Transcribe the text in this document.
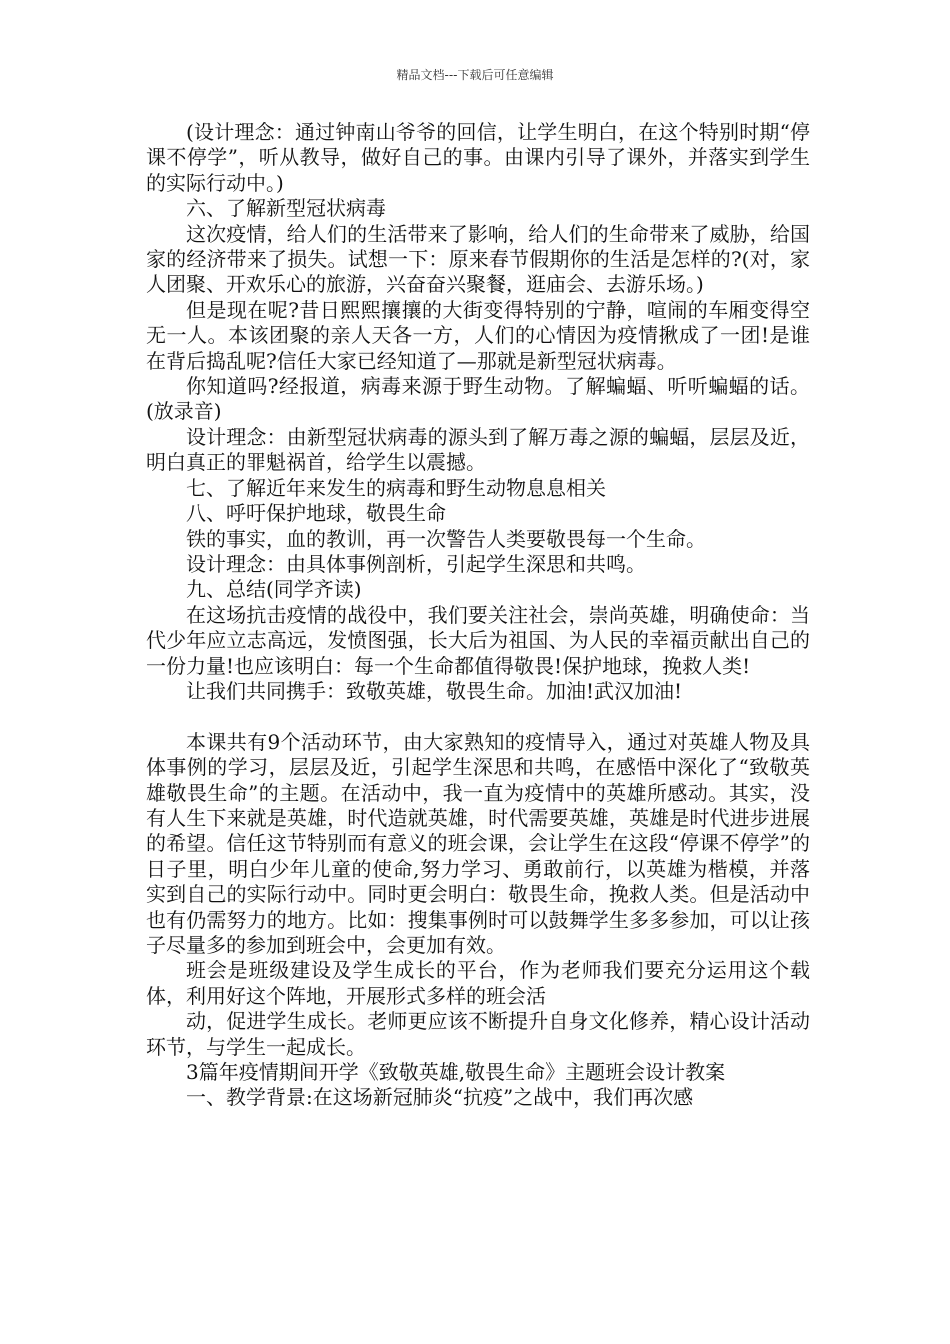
精品文档---下载后可任意编辑

(设计理念：通过钟南山爷爷的回信，让学生明白，在这个特别时期“停课不停学”，听从教导，做好自己的事。由课内引导了课外，并落实到学生的实际行动中。)

六、了解新型冠状病毒

这次疫情，给人们的生活带来了影响，给人们的生命带来了威胁，给国家的经济带来了损失。试想一下：原来春节假期你的生活是怎样的?(对，家人团聚、开欢乐心的旅游，兴奋奋兴聚餐，逛庙会、去游乐场。)

但是现在呢?昔日熙熙攘攘的大街变得特别的宁静，喧闹的车厢变得空无一人。本该团聚的亲人天各一方，人们的心情因为疫情揪成了一团!是谁在背后捣乱呢?信任大家已经知道了—那就是新型冠状病毒。

你知道吗?经报道，病毒来源于野生动物。了解蝙蝠、听听蝙蝠的话。(放录音)

设计理念：由新型冠状病毒的源头到了解万毒之源的蝙蝠，层层及近，明白真正的罪魁祸首，给学生以震撼。

七、了解近年来发生的病毒和野生动物息息相关

八、呼吁保护地球，敬畏生命

铁的事实，血的教训，再一次警告人类要敬畏每一个生命。

设计理念：由具体事例剖析，引起学生深思和共鸣。

九、总结(同学齐读)

在这场抗击疫情的战役中，我们要关注社会，崇尚英雄，明确使命：当代少年应立志高远，发愤图强，长大后为祖国、为人民的幸福贡献出自己的一份力量!也应该明白：每一个生命都值得敬畏!保护地球，挽救人类!

让我们共同携手：致敬英雄，敬畏生命。加油!武汉加油!

本课共有9个活动环节，由大家熟知的疫情导入，通过对英雄人物及具体事例的学习，层层及近，引起学生深思和共鸣，在感悟中深化了“致敬英雄敬畏生命”的主题。在活动中，我一直为疫情中的英雄所感动。其实，没有人生下来就是英雄，时代造就英雄，时代需要英雄，英雄是时代进步进展的希望。信任这节特别而有意义的班会课，会让学生在这段“停课不停学”的日子里，明白少年儿童的使命,努力学习、勇敢前行，以英雄为楷模，并落实到自己的实际行动中。同时更会明白：敬畏生命，挽救人类。但是活动中也有仍需努力的地方。比如：搜集事例时可以鼓舞学生多多参加，可以让孩子尽量多的参加到班会中，会更加有效。

班会是班级建设及学生成长的平台，作为老师我们要充分运用这个载体，利用好这个阵地，开展形式多样的班会活

动，促进学生成长。老师更应该不断提升自身文化修养，精心设计活动环节，与学生一起成长。

3篇年疫情期间开学《致敬英雄,敬畏生命》主题班会设计教案

一、教学背景:在这场新冠肺炎“抗疫”之战中，我们再次感
